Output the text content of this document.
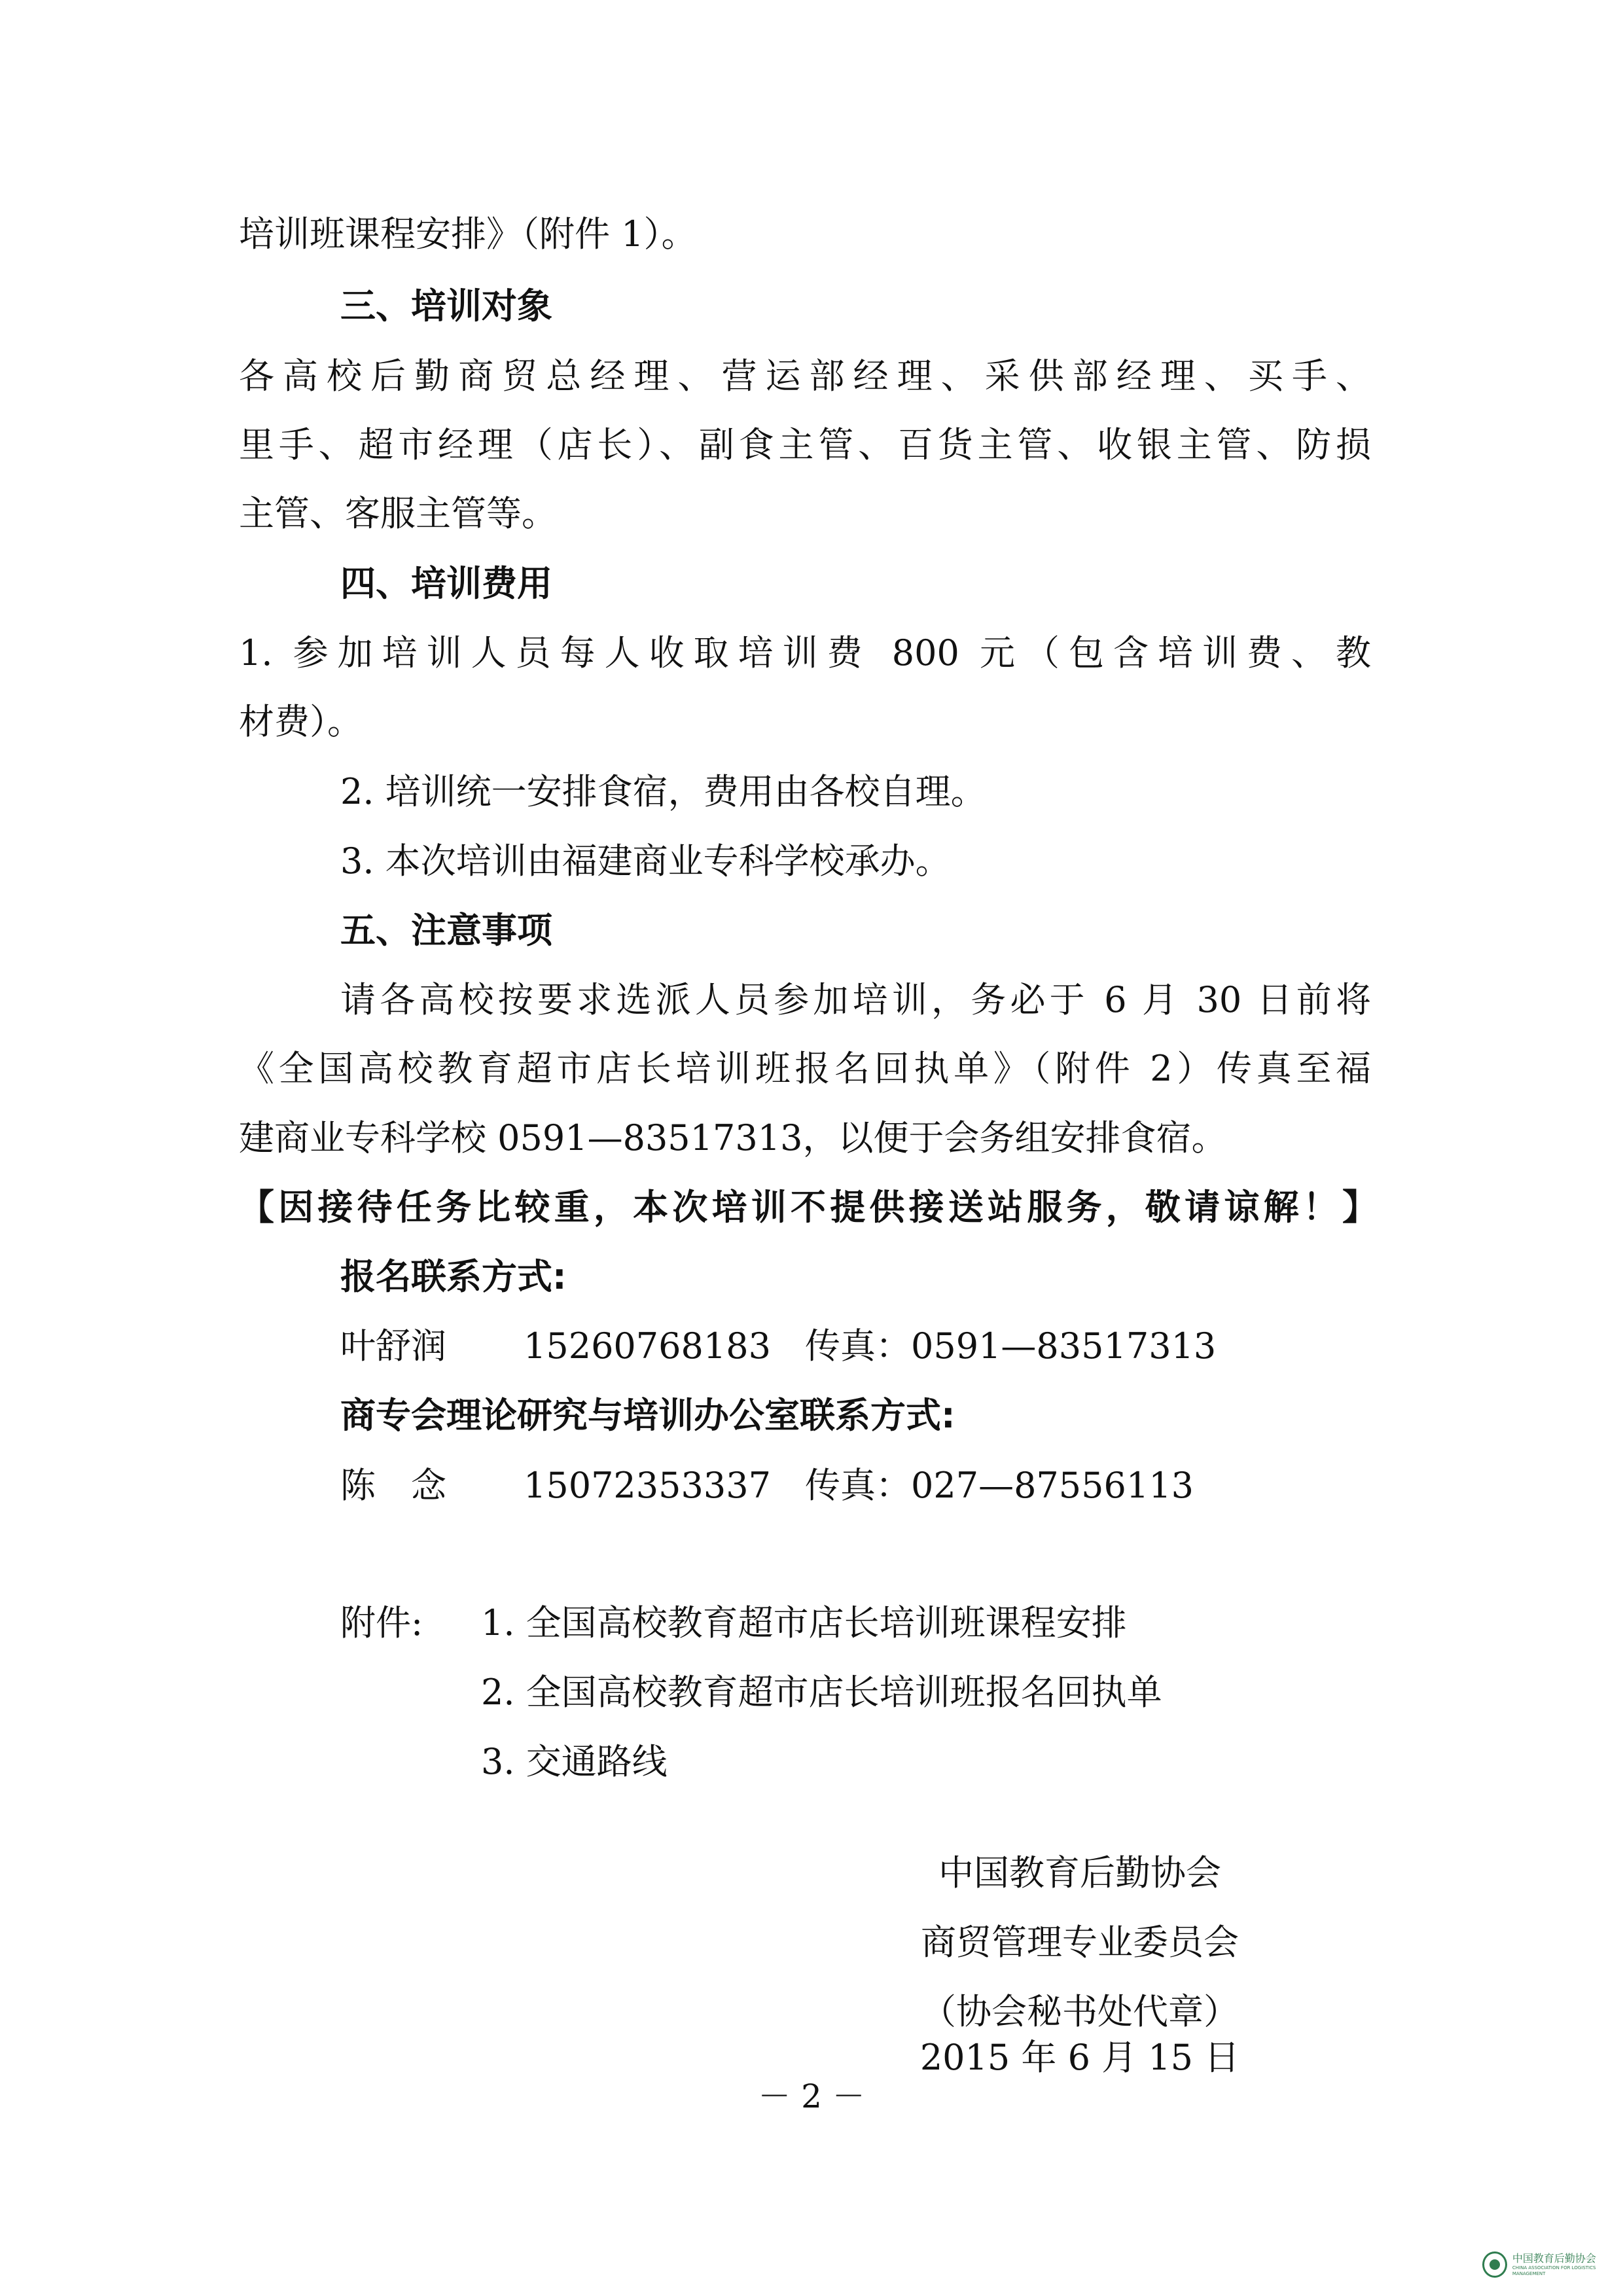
培训班课程安排》（附件 1）。

三、培训对象

各高校后勤商贸总经理、营运部经理、采供部经理、买手、

里手、超市经理（店长）、副食主管、百货主管、收银主管、防损

主管、客服主管等。

四、培训费用

1. 参加培训人员每人收取培训费 800 元（包含培训费、教

材费）。

2. 培训统一安排食宿，费用由各校自理。

3. 本次培训由福建商业专科学校承办。

五、注意事项

请各高校按要求选派人员参加培训，务必于 6 月 30 日前将

《全国高校教育超市店长培训班报名回执单》（附件 2）传真至福

建商业专科学校 0591—83517313，以便于会务组安排食宿。

【因接待任务比较重，本次培训不提供接送站服务，敬请谅解！】

报名联系方式:

叶舒润 15260768183 传真：0591—83517313

商专会理论研究与培训办公室联系方式:

陈　念 15072353337 传真：027—87556113
附件: 1. 全国高校教育超市店长培训班课程安排
2. 全国高校教育超市店长培训班报名回执单
3. 交通路线
中国教育后勤协会
商贸管理专业委员会
（协会秘书处代章）
2015 年 6 月 15 日
－ 2 －
中国教育后勤协会
CHINA ASSOCIATION FOR LOGISTICS MANAGEMENT
